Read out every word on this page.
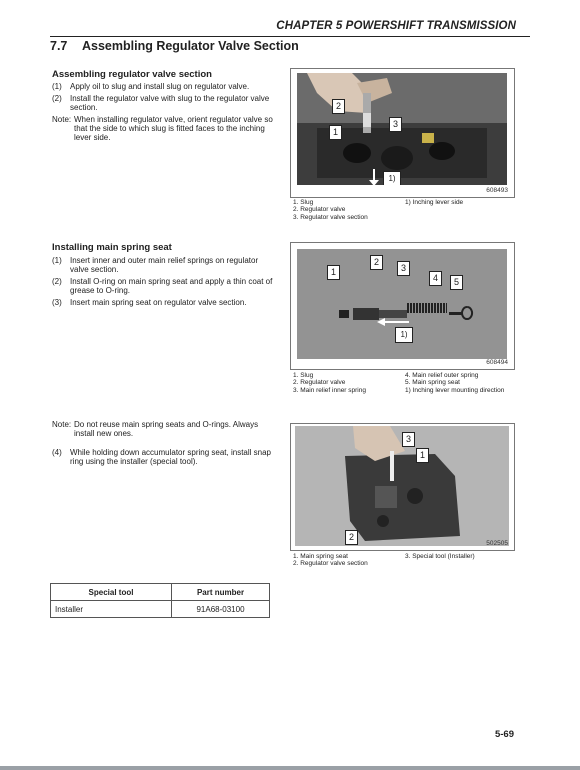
CHAPTER 5 POWERSHIFT TRANSMISSION
7.7 Assembling Regulator Valve Section
Assembling regulator valve section
(1) Apply oil to slug and install slug on regulator valve.
(2) Install the regulator valve with slug to the regulator valve section.
Note: When installing regulator valve, orient regulator valve so that the side to which slug is fitted faces to the inching lever side.
2
3
1
1)
608493
1. Slug
2. Regulator valve
3. Regulator valve section
1) Inching lever side
Installing main spring seat
(1) Insert inner and outer main relief springs on regulator valve section.
(2) Install O-ring on main spring seat and apply a thin coat of grease to O-ring.
(3) Insert main spring seat on regulator valve section.
1
2
3
4	5
1)
608494
1. Slug
2. Regulator valve
3. Main relief inner spring
4. Main relief outer spring
5. Main spring seat
1) Inching lever mounting direction
Note: Do not reuse main spring seats and O-rings. Always install new ones.
(4) While holding down accumulator spring seat, install snap ring using the installer (special tool).
3
1
2
502505
1. Main spring seat
2. Regulator valve section
3. Special tool (Installer)
Special tool	Part number
Installer	91A68-03100
5-69
